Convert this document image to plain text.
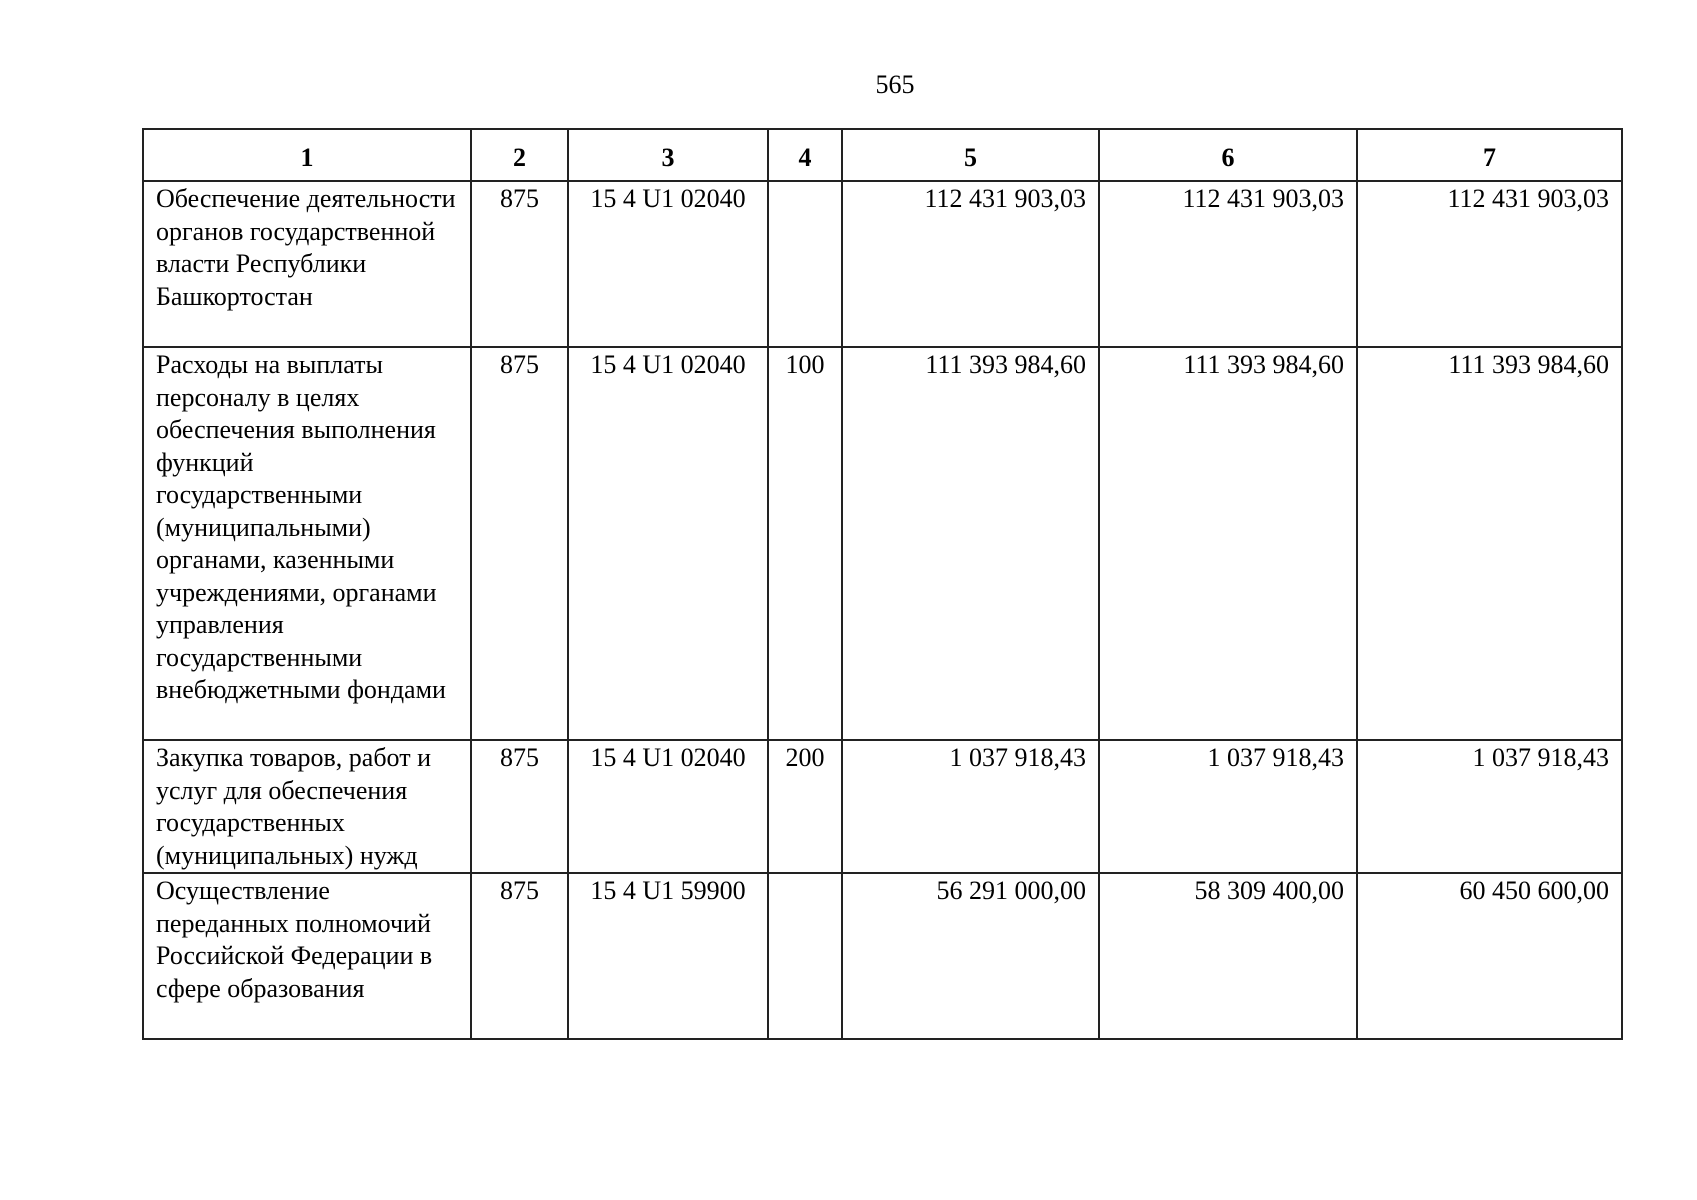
565
1	2	3	4	5	6	7
Обеспечение деятельности органов государственной власти Республики Башкортостан	875	15 4 U1 02040		112 431 903,03	112 431 903,03	112 431 903,03
Расходы на выплаты персоналу в целях обеспечения выполнения функций государственными (муниципальными) органами, казенными учреждениями, органами управления государственными внебюджетными фондами	875	15 4 U1 02040	100	111 393 984,60	111 393 984,60	111 393 984,60
Закупка товаров, работ и услуг для обеспечения государственных (муниципальных) нужд	875	15 4 U1 02040	200	1 037 918,43	1 037 918,43	1 037 918,43
Осуществление переданных полномочий Российской Федерации в сфере образования	875	15 4 U1 59900		56 291 000,00	58 309 400,00	60 450 600,00
